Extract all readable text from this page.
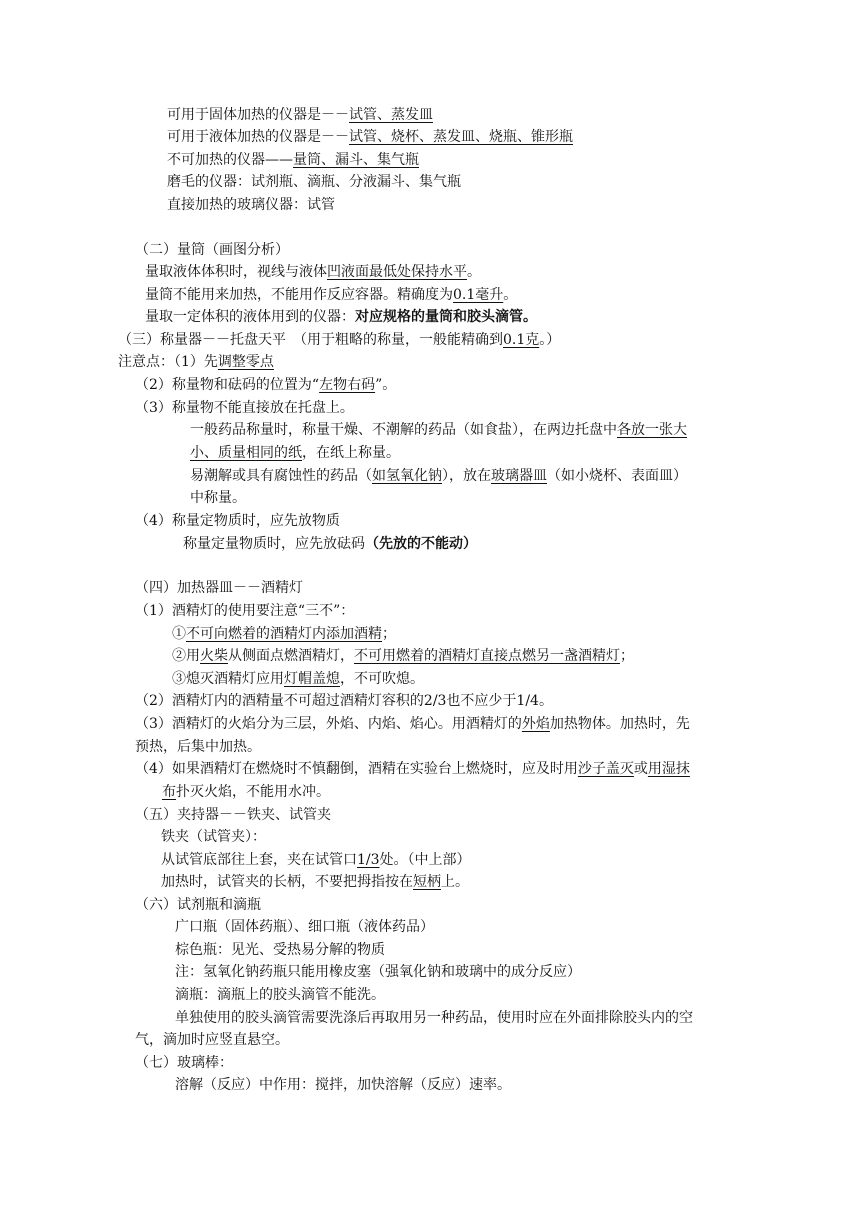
可用于固体加热的仪器是－－试管、蒸发皿
可用于液体加热的仪器是－－试管、烧杯、蒸发皿、烧瓶、锥形瓶
不可加热的仪器——量筒、漏斗、集气瓶
磨毛的仪器：试剂瓶、滴瓶、分液漏斗、集气瓶
直接加热的玻璃仪器：试管
（二）量筒（画图分析）
量取液体体积时，视线与液体凹液面最低处保持水平。
量筒不能用来加热，不能用作反应容器。精确度为0.1毫升。
量取一定体积的液体用到的仪器：对应规格的量筒和胶头滴管。
（三）称量器－－托盘天平　（用于粗略的称量，一般能精确到0.1克。）
注意点：（1）先调整零点
（2）称量物和砝码的位置为“左物右码”。
（3）称量物不能直接放在托盘上。
一般药品称量时，称量干燥、不潮解的药品（如食盐），在两边托盘中各放一张大
小、质量相同的纸，在纸上称量。
易潮解或具有腐蚀性的药品（如氢氧化钠），放在玻璃器皿（如小烧杯、表面皿）
中称量。
（4）称量定物质时，应先放物质
称量定量物质时，应先放砝码（先放的不能动）
（四）加热器皿－－酒精灯
（1）酒精灯的使用要注意“三不”：
①不可向燃着的酒精灯内添加酒精；
②用火柴从侧面点燃酒精灯，不可用燃着的酒精灯直接点燃另一盏酒精灯；
③熄灭酒精灯应用灯帽盖熄，不可吹熄。
（2）酒精灯内的酒精量不可超过酒精灯容积的2/3也不应少于1/4。
（3）酒精灯的火焰分为三层，外焰、内焰、焰心。用酒精灯的外焰加热物体。加热时，先
预热，后集中加热。
（4）如果酒精灯在燃烧时不慎翻倒，酒精在实验台上燃烧时，应及时用沙子盖灭或用湿抹
布扑灭火焰，不能用水冲。
（五）夹持器－－铁夹、试管夹
铁夹（试管夹）：
从试管底部往上套，夹在试管口1/3处。（中上部）
加热时，试管夹的长柄，不要把拇指按在短柄上。
（六）试剂瓶和滴瓶
广口瓶（固体药瓶）、细口瓶（液体药品）
棕色瓶：见光、受热易分解的物质
注：氢氧化钠药瓶只能用橡皮塞（强氧化钠和玻璃中的成分反应）
滴瓶：滴瓶上的胶头滴管不能洗。
单独使用的胶头滴管需要洗涤后再取用另一种药品，使用时应在外面排除胶头内的空
气，滴加时应竖直悬空。
（七）玻璃棒：
溶解（反应）中作用：搅拌，加快溶解（反应）速率。
